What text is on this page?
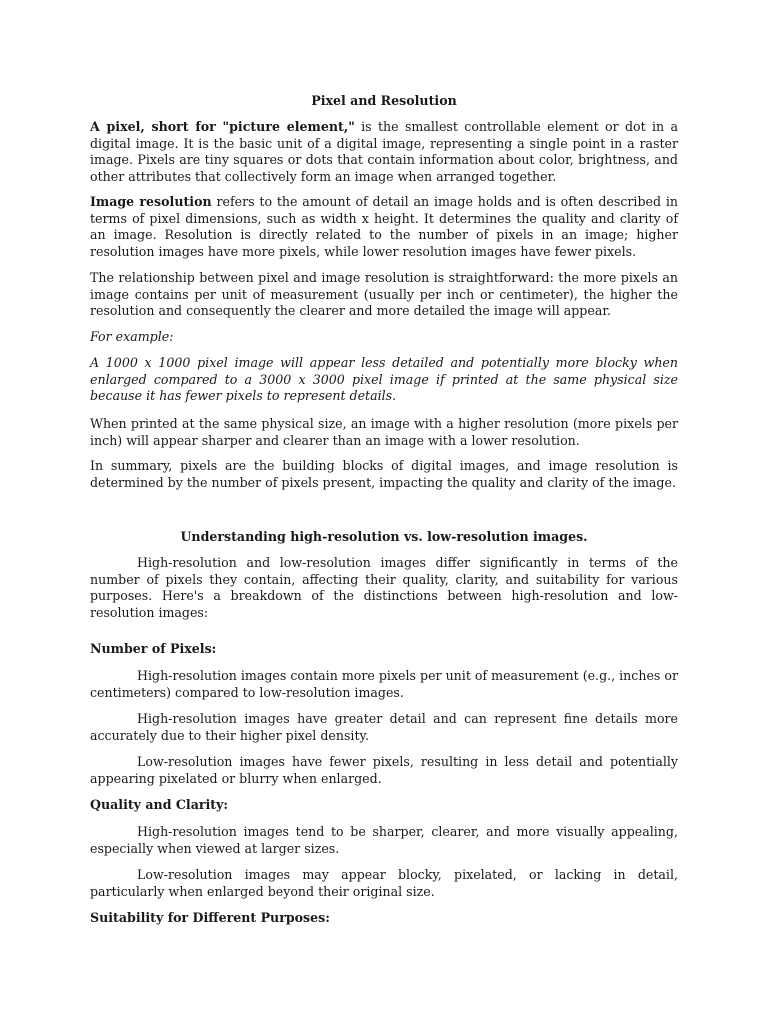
Pixel and Resolution

A pixel, short for "picture element," is the smallest controllable element or dot in a digital image. It is the basic unit of a digital image, representing a single point in a raster image. Pixels are tiny squares or dots that contain information about color, brightness, and other attributes that collectively form an image when arranged together.

Image resolution refers to the amount of detail an image holds and is often described in terms of pixel dimensions, such as width x height. It determines the quality and clarity of an image. Resolution is directly related to the number of pixels in an image; higher resolution images have more pixels, while lower resolution images have fewer pixels.

The relationship between pixel and image resolution is straightforward: the more pixels an image contains per unit of measurement (usually per inch or centimeter), the higher the resolution and consequently the clearer and more detailed the image will appear.

For example:

A 1000 x 1000 pixel image will appear less detailed and potentially more blocky when enlarged compared to a 3000 x 3000 pixel image if printed at the same physical size because it has fewer pixels to represent details.

When printed at the same physical size, an image with a higher resolution (more pixels per inch) will appear sharper and clearer than an image with a lower resolution.

In summary, pixels are the building blocks of digital images, and image resolution is determined by the number of pixels present, impacting the quality and clarity of the image.

Understanding high-resolution vs. low-resolution images.

High-resolution and low-resolution images differ significantly in terms of the number of pixels they contain, affecting their quality, clarity, and suitability for various purposes. Here's a breakdown of the distinctions between high-resolution and low-resolution images:

Number of Pixels:

High-resolution images contain more pixels per unit of measurement (e.g., inches or centimeters) compared to low-resolution images.

High-resolution images have greater detail and can represent fine details more accurately due to their higher pixel density.

Low-resolution images have fewer pixels, resulting in less detail and potentially appearing pixelated or blurry when enlarged.

Quality and Clarity:

High-resolution images tend to be sharper, clearer, and more visually appealing, especially when viewed at larger sizes.

Low-resolution images may appear blocky, pixelated, or lacking in detail, particularly when enlarged beyond their original size.

Suitability for Different Purposes:
